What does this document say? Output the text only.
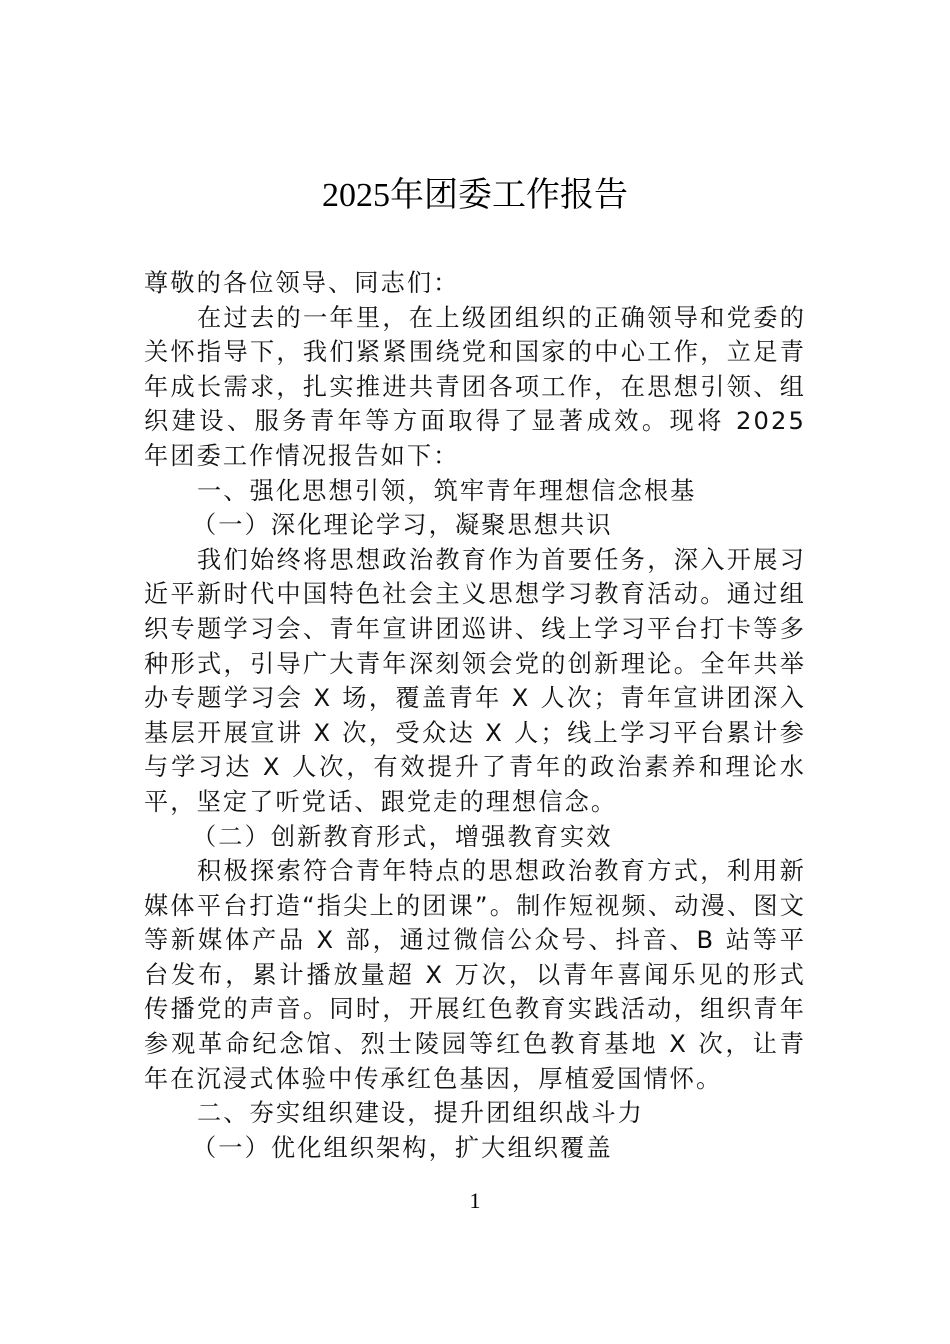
2025年团委工作报告

尊敬的各位领导、同志们：

在过去的一年里，在上级团组织的正确领导和党委的关怀指导下，我们紧紧围绕党和国家的中心工作，立足青年成长需求，扎实推进共青团各项工作，在思想引领、组织建设、服务青年等方面取得了显著成效。现将 2025 年团委工作情况报告如下：

一、强化思想引领，筑牢青年理想信念根基

（一）深化理论学习，凝聚思想共识

我们始终将思想政治教育作为首要任务，深入开展习近平新时代中国特色社会主义思想学习教育活动。通过组织专题学习会、青年宣讲团巡讲、线上学习平台打卡等多种形式，引导广大青年深刻领会党的创新理论。全年共举办专题学习会 X 场，覆盖青年 X 人次；青年宣讲团深入基层开展宣讲 X 次，受众达 X 人；线上学习平台累计参与学习达 X 人次，有效提升了青年的政治素养和理论水平，坚定了听党话、跟党走的理想信念。

（二）创新教育形式，增强教育实效

积极探索符合青年特点的思想政治教育方式，利用新媒体平台打造“指尖上的团课”。制作短视频、动漫、图文等新媒体产品 X 部，通过微信公众号、抖音、B 站等平台发布，累计播放量超 X 万次，以青年喜闻乐见的形式传播党的声音。同时，开展红色教育实践活动，组织青年参观革命纪念馆、烈士陵园等红色教育基地 X 次，让青年在沉浸式体验中传承红色基因，厚植爱国情怀。

二、夯实组织建设，提升团组织战斗力

（一）优化组织架构，扩大组织覆盖

1
